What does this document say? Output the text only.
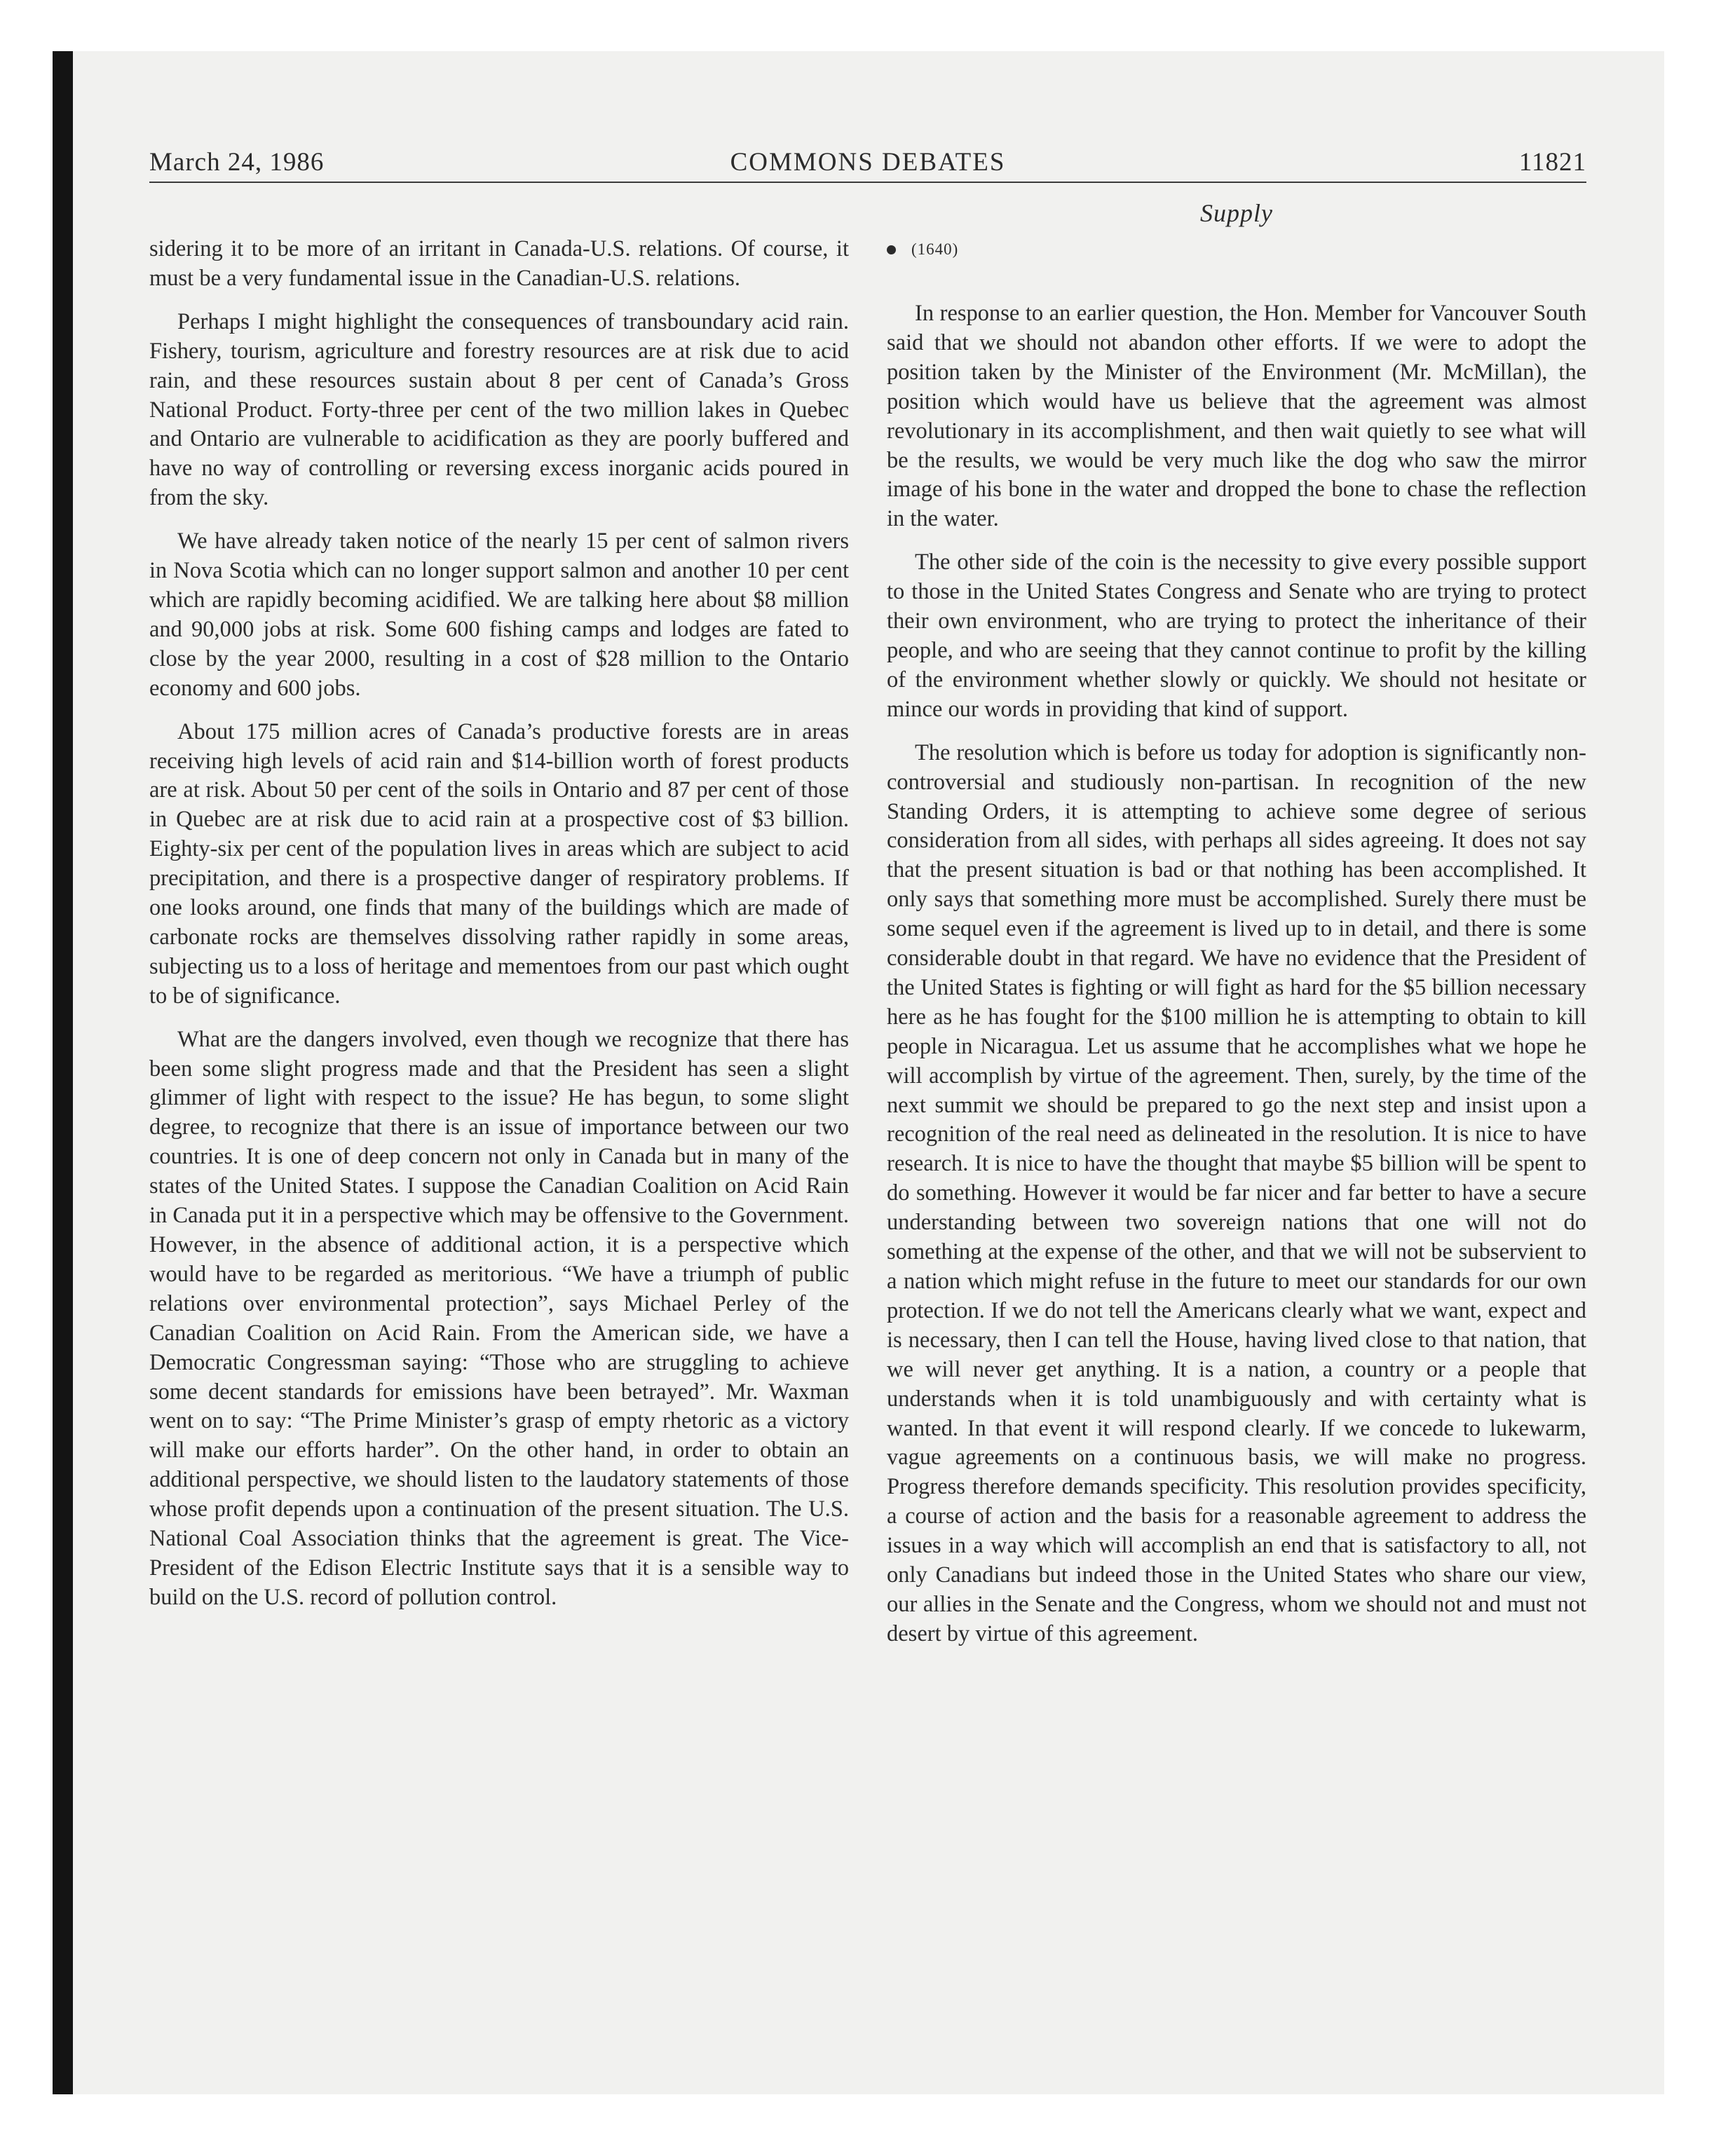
March 24, 1986	COMMONS DEBATES	11821
Supply

sidering it to be more of an irritant in Canada-U.S. relations. Of course, it must be a very fundamental issue in the Canadian-U.S. relations.

Perhaps I might highlight the consequences of transboundary acid rain. Fishery, tourism, agriculture and forestry resources are at risk due to acid rain, and these resources sustain about 8 per cent of Canada’s Gross National Product. Forty-three per cent of the two million lakes in Quebec and Ontario are vulnerable to acidification as they are poorly buffered and have no way of controlling or reversing excess inorganic acids poured in from the sky.

We have already taken notice of the nearly 15 per cent of salmon rivers in Nova Scotia which can no longer support salmon and another 10 per cent which are rapidly becoming acidified. We are talking here about $8 million and 90,000 jobs at risk. Some 600 fishing camps and lodges are fated to close by the year 2000, resulting in a cost of $28 million to the Ontario economy and 600 jobs.

About 175 million acres of Canada’s productive forests are in areas receiving high levels of acid rain and $14-billion worth of forest products are at risk. About 50 per cent of the soils in Ontario and 87 per cent of those in Quebec are at risk due to acid rain at a prospective cost of $3 billion. Eighty-six per cent of the population lives in areas which are subject to acid precipitation, and there is a prospective danger of respiratory problems. If one looks around, one finds that many of the buildings which are made of carbonate rocks are themselves dissolving rather rapidly in some areas, subjecting us to a loss of heritage and mementoes from our past which ought to be of significance.

What are the dangers involved, even though we recognize that there has been some slight progress made and that the President has seen a slight glimmer of light with respect to the issue? He has begun, to some slight degree, to recognize that there is an issue of importance between our two countries. It is one of deep concern not only in Canada but in many of the states of the United States. I suppose the Canadian Coalition on Acid Rain in Canada put it in a perspective which may be offensive to the Government. However, in the absence of additional action, it is a perspective which would have to be regarded as meritorious. “We have a triumph of public relations over environmental protection”, says Michael Perley of the Canadian Coalition on Acid Rain. From the American side, we have a Democratic Congressman saying: “Those who are struggling to achieve some decent standards for emissions have been betrayed”. Mr. Waxman went on to say: “The Prime Minister’s grasp of empty rhetoric as a victory will make our efforts harder”. On the other hand, in order to obtain an additional perspective, we should listen to the laudatory statements of those whose profit depends upon a continuation of the present situation. The U.S. National Coal Association thinks that the agreement is great. The Vice-President of the Edison Electric Institute says that it is a sensible way to build on the U.S. record of pollution control.

(1640)

In response to an earlier question, the Hon. Member for Vancouver South said that we should not abandon other efforts. If we were to adopt the position taken by the Minister of the Environment (Mr. McMillan), the position which would have us believe that the agreement was almost revolutionary in its accomplishment, and then wait quietly to see what will be the results, we would be very much like the dog who saw the mirror image of his bone in the water and dropped the bone to chase the reflection in the water.

The other side of the coin is the necessity to give every possible support to those in the United States Congress and Senate who are trying to protect their own environment, who are trying to protect the inheritance of their people, and who are seeing that they cannot continue to profit by the killing of the environment whether slowly or quickly. We should not hesitate or mince our words in providing that kind of support.

The resolution which is before us today for adoption is significantly non-controversial and studiously non-partisan. In recognition of the new Standing Orders, it is attempting to achieve some degree of serious consideration from all sides, with perhaps all sides agreeing. It does not say that the present situation is bad or that nothing has been accomplished. It only says that something more must be accomplished. Surely there must be some sequel even if the agreement is lived up to in detail, and there is some considerable doubt in that regard. We have no evidence that the President of the United States is fighting or will fight as hard for the $5 billion necessary here as he has fought for the $100 million he is attempting to obtain to kill people in Nicaragua. Let us assume that he accomplishes what we hope he will accomplish by virtue of the agreement. Then, surely, by the time of the next summit we should be prepared to go the next step and insist upon a recognition of the real need as delineated in the resolution. It is nice to have research. It is nice to have the thought that maybe $5 billion will be spent to do something. However it would be far nicer and far better to have a secure understanding between two sovereign nations that one will not do something at the expense of the other, and that we will not be subservient to a nation which might refuse in the future to meet our standards for our own protection. If we do not tell the Americans clearly what we want, expect and is necessary, then I can tell the House, having lived close to that nation, that we will never get anything. It is a nation, a country or a people that understands when it is told unambiguously and with certainty what is wanted. In that event it will respond clearly. If we concede to lukewarm, vague agreements on a continuous basis, we will make no progress. Progress therefore demands specificity. This resolution provides specificity, a course of action and the basis for a reasonable agreement to address the issues in a way which will accomplish an end that is satisfactory to all, not only Canadians but indeed those in the United States who share our view, our allies in the Senate and the Congress, whom we should not and must not desert by virtue of this agreement.
